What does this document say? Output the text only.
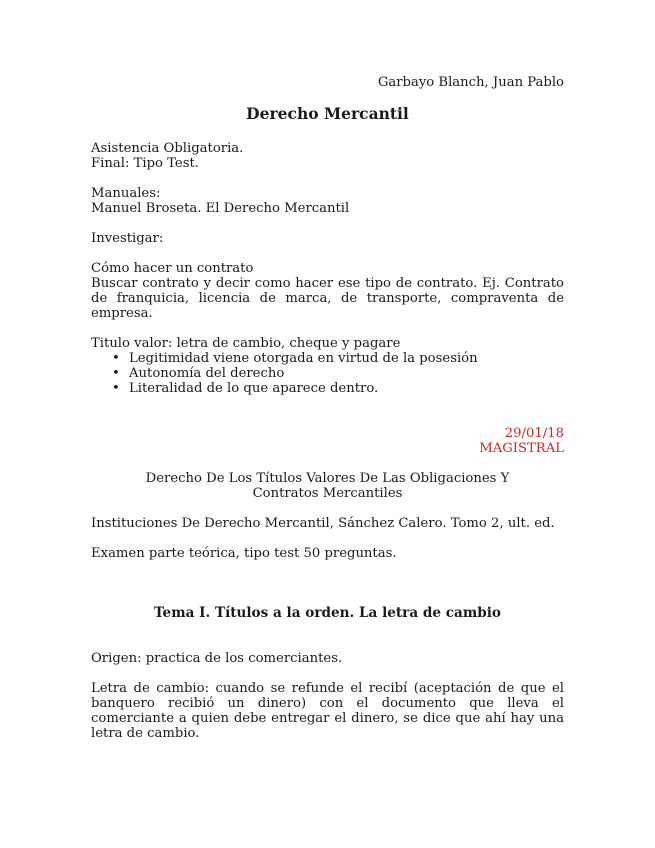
Garbayo Blanch, Juan Pablo
Derecho Mercantil
Asistencia Obligatoria.
Final: Tipo Test.
Manuales:
Manuel Broseta. El Derecho Mercantil
Investigar:
Cómo hacer un contrato
Buscar contrato y decir como hacer ese tipo de contrato. Ej. Contrato de franquicia, licencia de marca, de transporte, compraventa de empresa.
Titulo valor: letra de cambio, cheque y pagare
• Legitimidad viene otorgada en virtud de la posesión
• Autonomía del derecho
• Literalidad de lo que aparece dentro.
29/01/18
MAGISTRAL
Derecho De Los Títulos Valores De Las Obligaciones Y Contratos Mercantiles
Instituciones De Derecho Mercantil, Sánchez Calero. Tomo 2, ult. ed.
Examen parte teórica, tipo test 50 preguntas.
Tema I. Títulos a la orden. La letra de cambio
Origen: practica de los comerciantes.
Letra de cambio: cuando se refunde el recibí (aceptación de que el banquero recibió un dinero) con el documento que lleva el comerciante a quien debe entregar el dinero, se dice que ahí hay una letra de cambio.
